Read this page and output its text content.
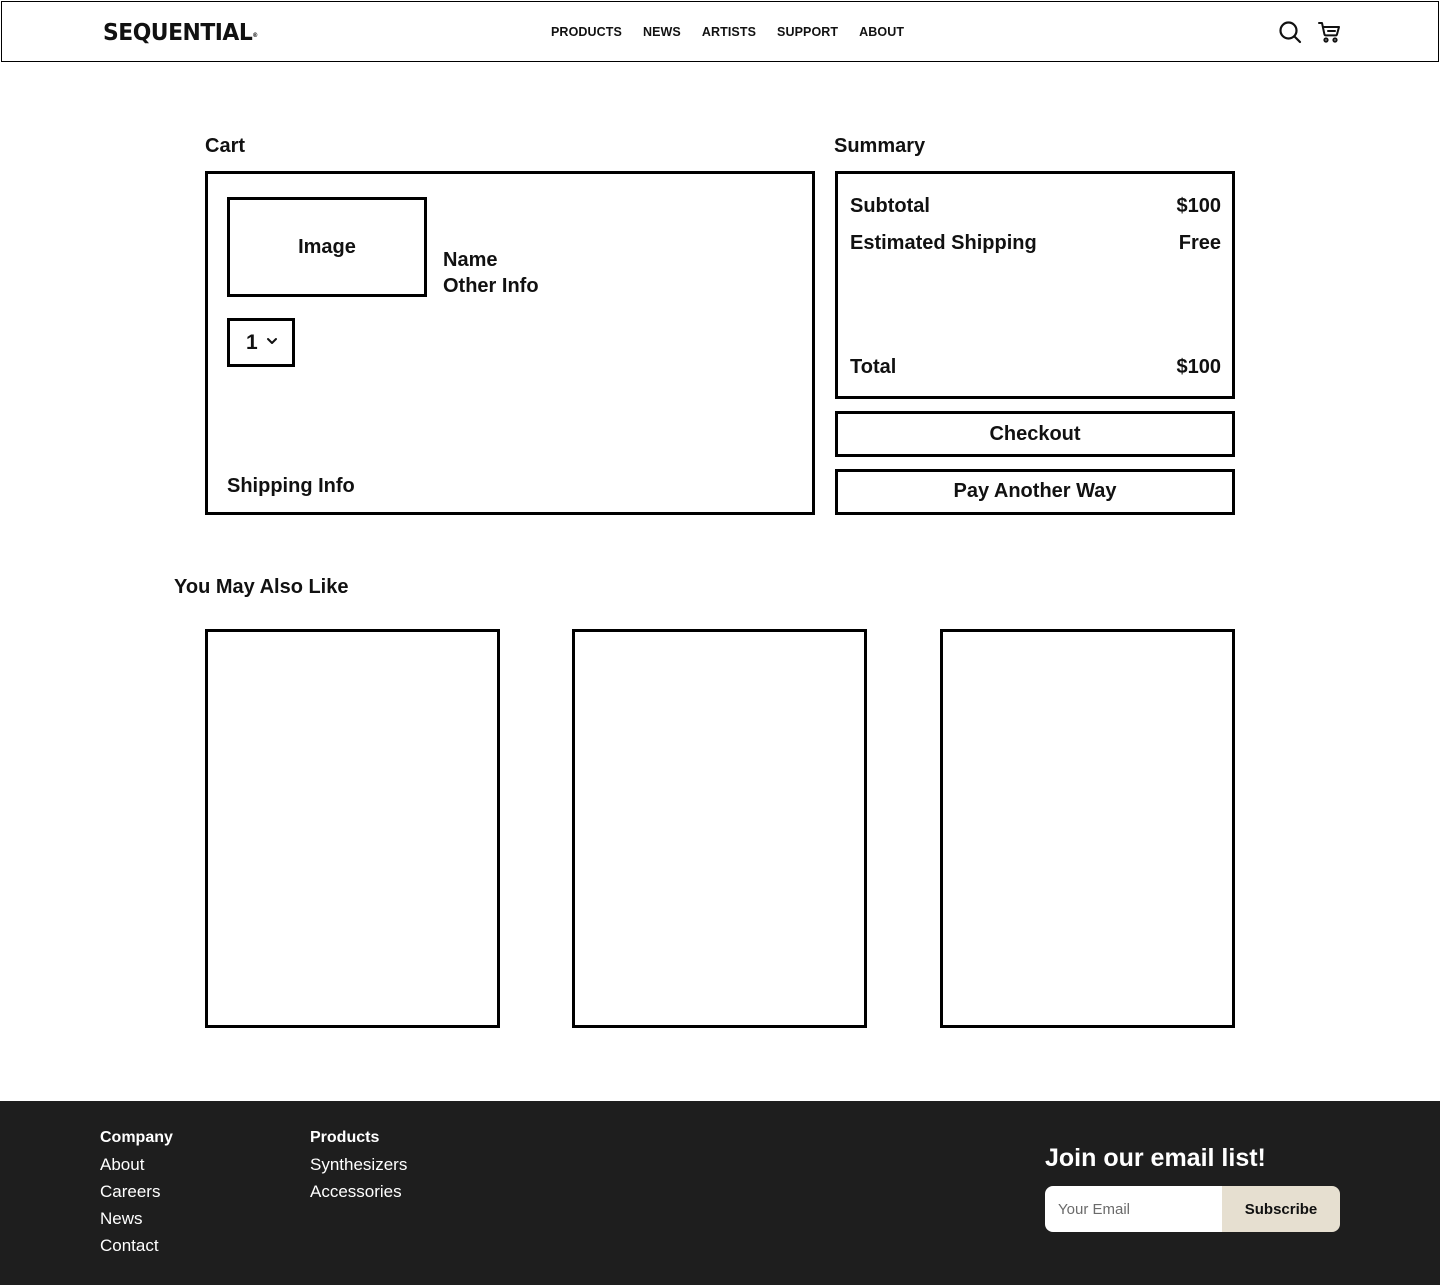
SEQUENTIAL®	PRODUCTS NEWS ARTISTS SUPPORT ABOUT
Cart
Image
Name
Other Info
1
Shipping Info
Summary
Subtotal	$100
Estimated Shipping	Free
Total	$100
Checkout
Pay Another Way
You May Also Like
Company
About
Careers
News
Contact
Products
Synthesizers
Accessories
Join our email list!
Your Email
Subscribe
